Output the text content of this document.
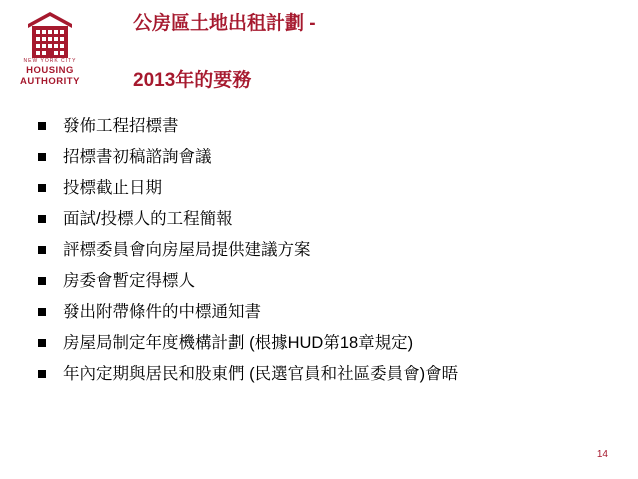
NEW YORK CITY
HOUSING
AUTHORITY
公房區土地出租計劃 -
2013年的要務
發佈工程招標書
招標書初稿諮詢會議
投標截止日期
面試/投標人的工程簡報
評標委員會向房屋局提供建議方案
房委會暫定得標人
發出附帶條件的中標通知書
房屋局制定年度機構計劃 (根據HUD第18章規定)
年內定期與居民和股東們 (民選官員和社區委員會)會晤
14
